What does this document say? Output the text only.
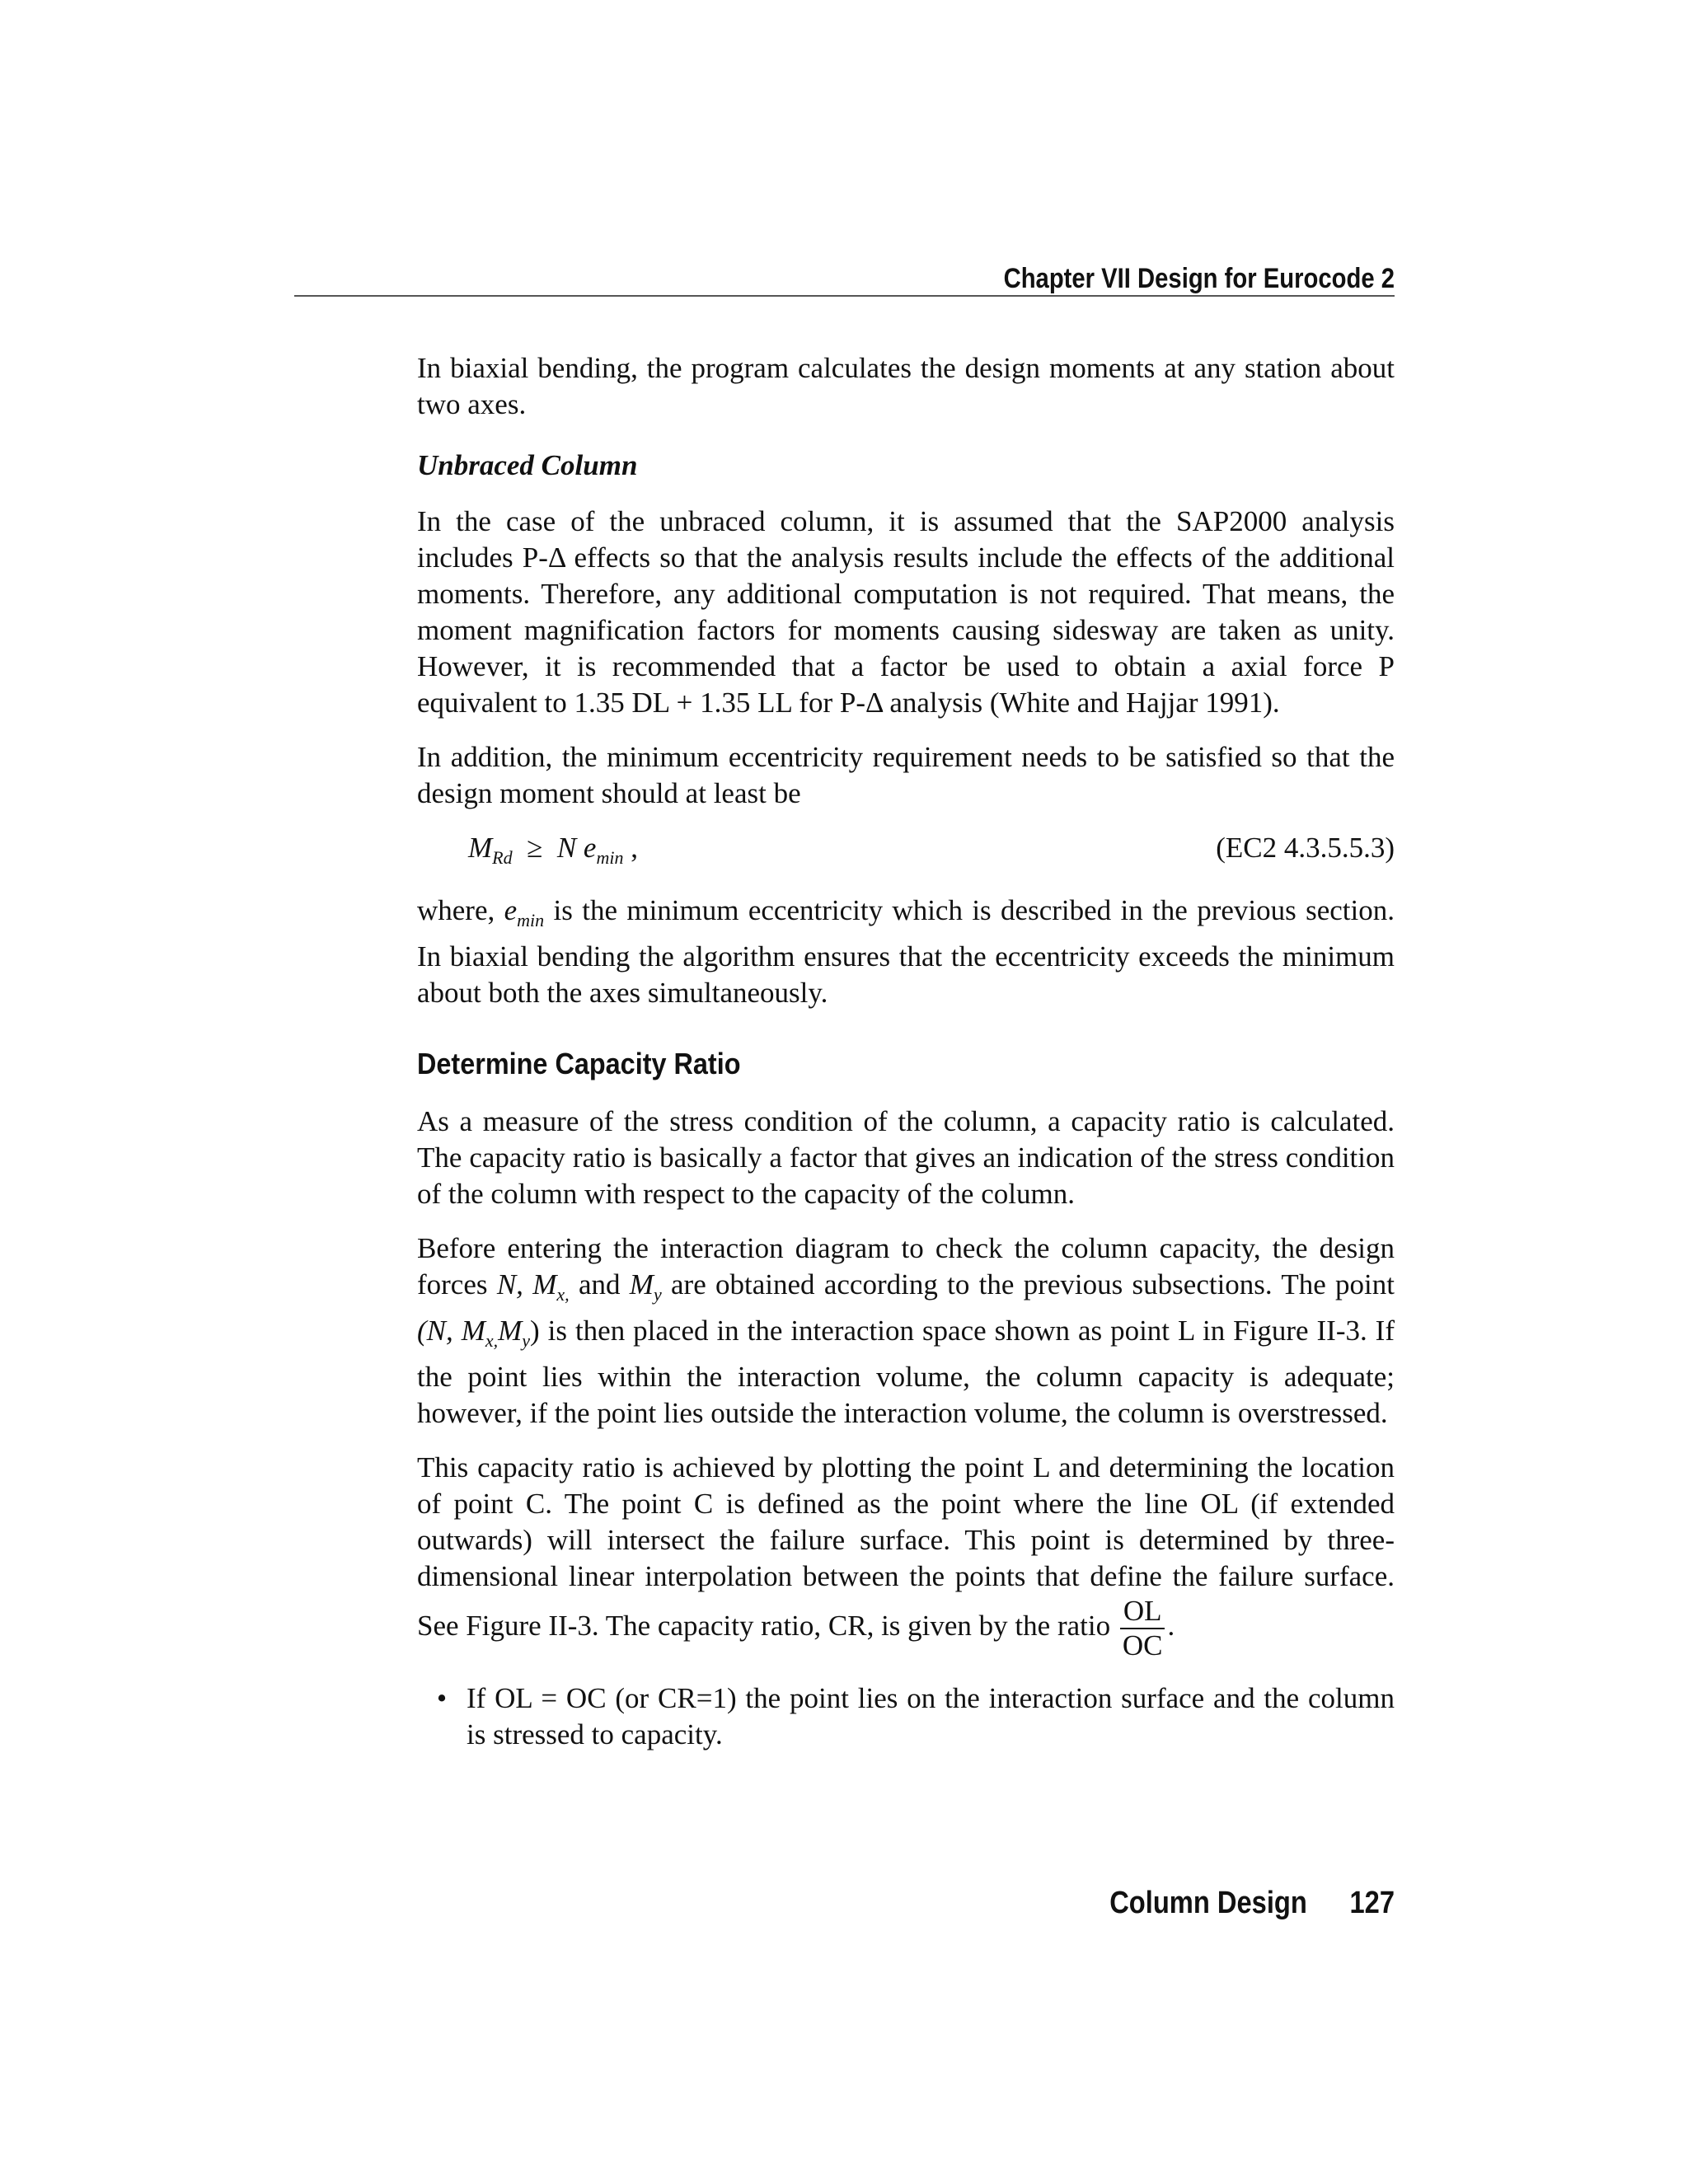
Chapter VII Design for Eurocode 2

In biaxial bending, the program calculates the design moments at any station about two axes.

Unbraced Column

In the case of the unbraced column, it is assumed that the SAP2000 analysis includes P-Δ effects so that the analysis results include the effects of the additional moments. Therefore, any additional computation is not required. That means, the moment magnification factors for moments causing sidesway are taken as unity. However, it is recommended that a factor be used to obtain a axial force P equivalent to 1.35 DL + 1.35 LL for P-Δ analysis (White and Hajjar 1991).

In addition, the minimum eccentricity requirement needs to be satisfied so that the design moment should at least be

$M_{Rd} \ge N$ $e_{min}$ ,	(EC2 4.3.5.5.3)

where, $e_{min}$ is the minimum eccentricity which is described in the previous section. In biaxial bending the algorithm ensures that the eccentricity exceeds the minimum about both the axes simultaneously.

Determine Capacity Ratio

As a measure of the stress condition of the column, a capacity ratio is calculated. The capacity ratio is basically a factor that gives an indication of the stress condition of the column with respect to the capacity of the column.

Before entering the interaction diagram to check the column capacity, the design forces N, $M_{x,}$ and $M_y$ are obtained according to the previous subsections. The point (N, $M_{x,}M_y$) is then placed in the interaction space shown as point L in Figure II-3. If the point lies within the interaction volume, the column capacity is adequate; however, if the point lies outside the interaction volume, the column is overstressed.

This capacity ratio is achieved by plotting the point L and determining the location of point C. The point C is defined as the point where the line OL (if extended outwards) will intersect the failure surface. This point is determined by three-dimensional linear interpolation between the points that define the failure surface. See Figure II-3. The capacity ratio, CR, is given by the ratio $\frac{OL}{OC}$ .

• If OL = OC (or CR=1) the point lies on the interaction surface and the column is stressed to capacity.
Column Design 127
